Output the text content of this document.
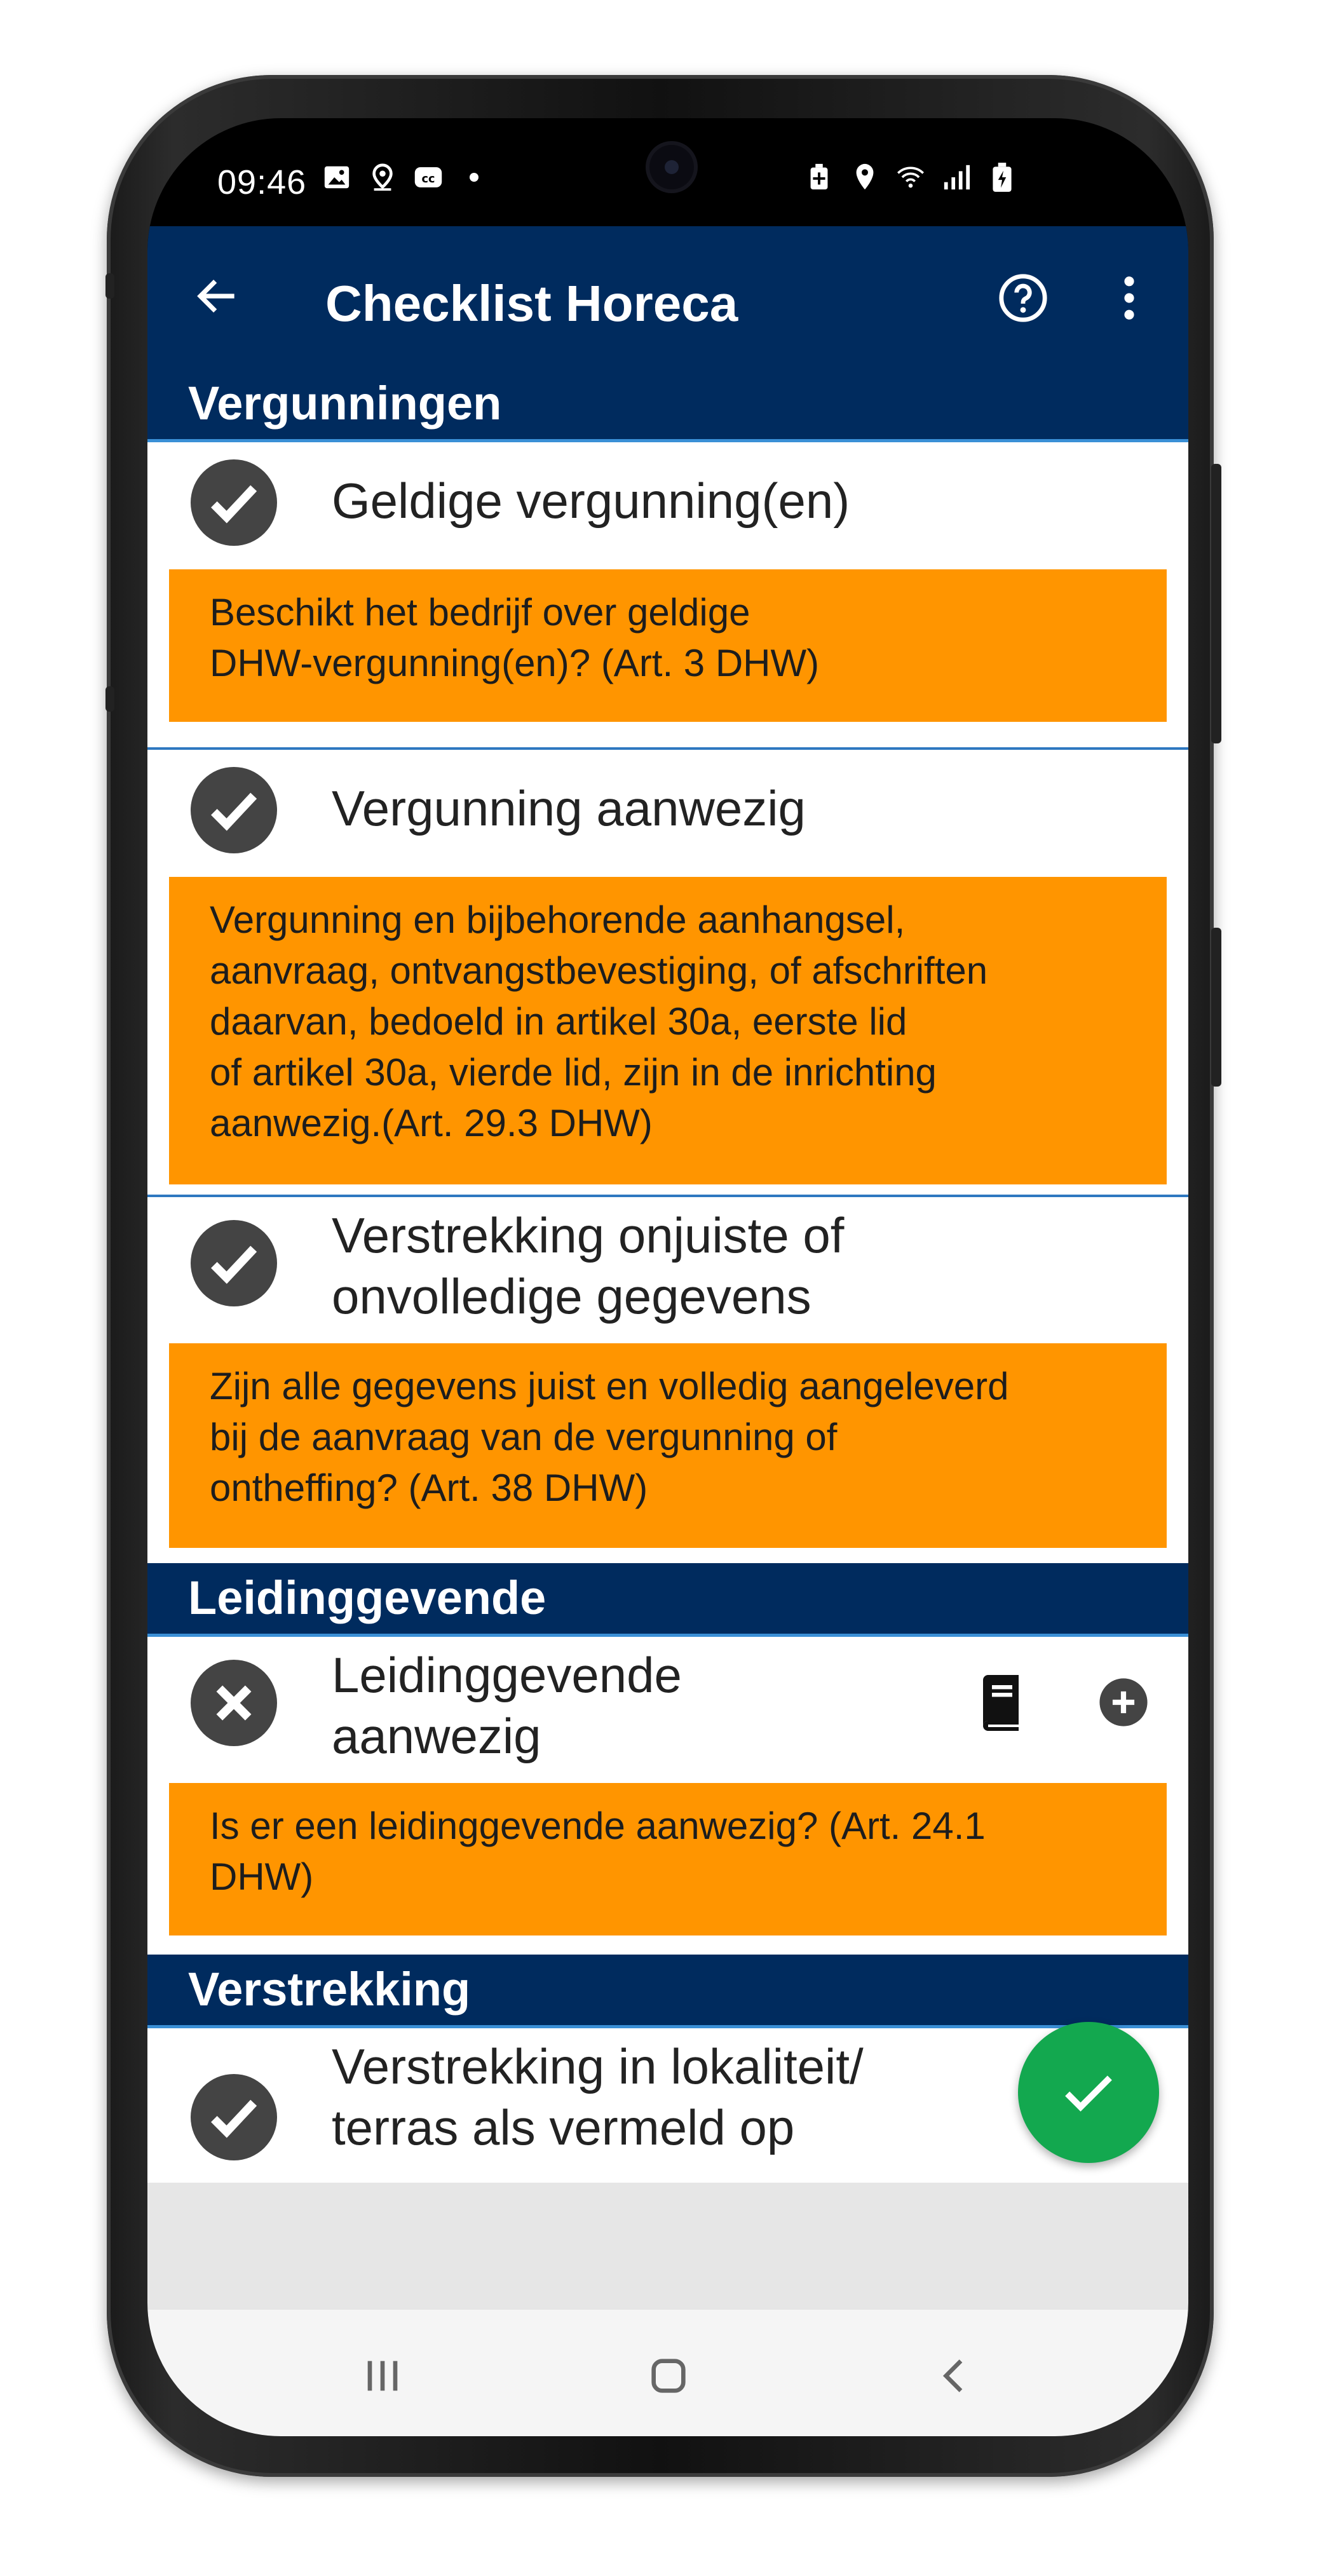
09:46	cc
Checklist Horeca
Vergunningen
Geldige vergunning(en)
Beschikt het bedrijf over geldige
DHW-vergunning(en)? (Art. 3 DHW)
Vergunning aanwezig
Vergunning en bijbehorende aanhangsel,
aanvraag, ontvangstbevestiging, of afschriften
daarvan, bedoeld in artikel 30a, eerste lid
of artikel 30a, vierde lid, zijn in de inrichting
aanwezig.(Art. 29.3 DHW)
Verstrekking onjuiste of
onvolledige gegevens
Zijn alle gegevens juist en volledig aangeleverd
bij de aanvraag van de vergunning of
ontheffing? (Art. 38 DHW)
Leidinggevende
Leidinggevende
aanwezig
Is er een leidinggevende aanwezig? (Art. 24.1
DHW)
Verstrekking
Verstrekking in lokaliteit/
terras als vermeld op
